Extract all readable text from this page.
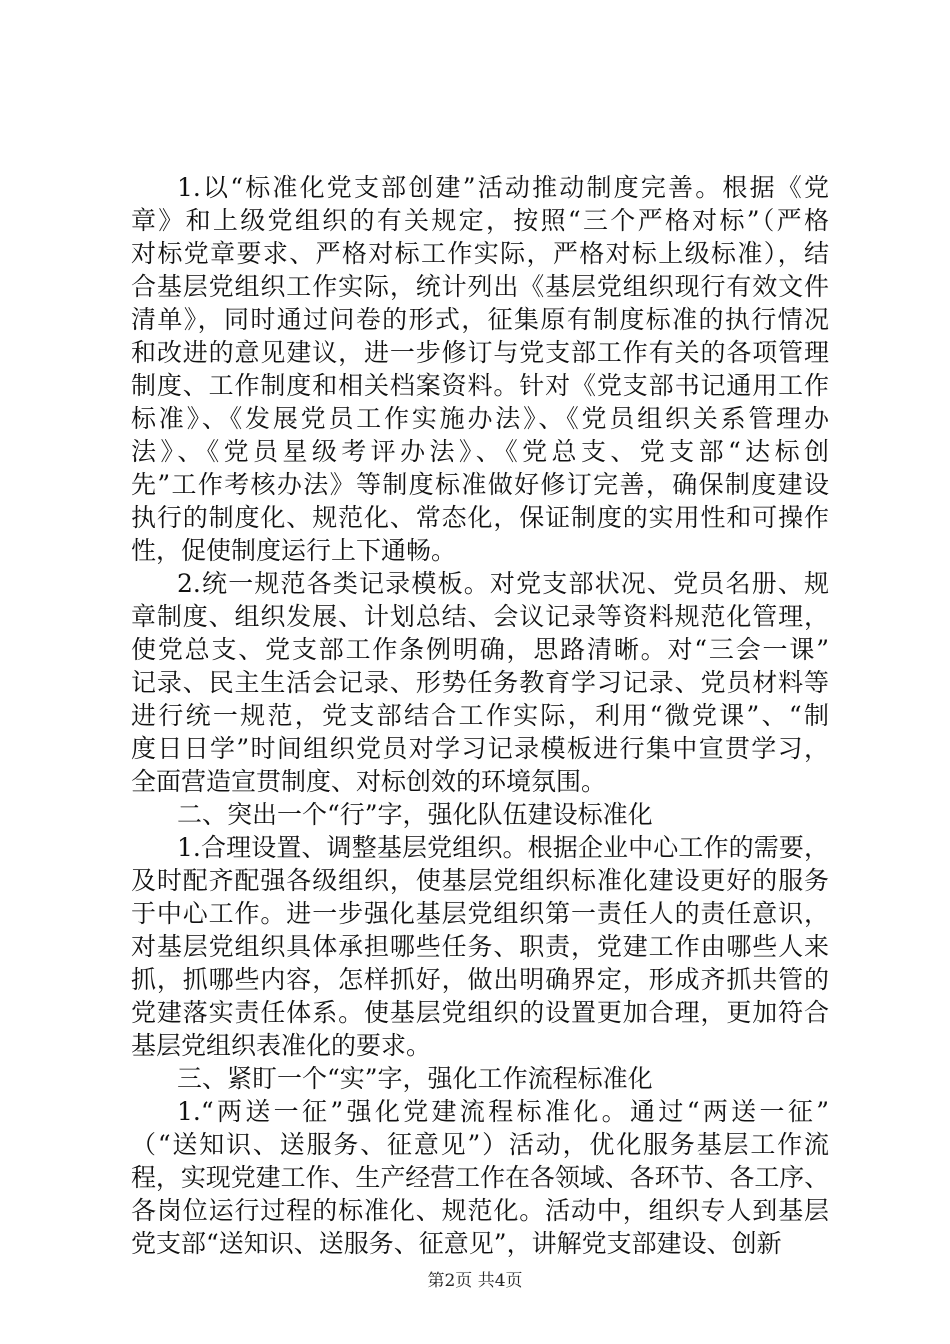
1.以“标准化党支部创建”活动推动制度完善。根据《党
章》和上级党组织的有关规定，按照“三个严格对标”（严格
对标党章要求、严格对标工作实际，严格对标上级标准），结
合基层党组织工作实际，统计列出《基层党组织现行有效文件
清单》，同时通过问卷的形式，征集原有制度标准的执行情况
和改进的意见建议，进一步修订与党支部工作有关的各项管理
制度、工作制度和相关档案资料。针对《党支部书记通用工作
标准》、《发展党员工作实施办法》、《党员组织关系管理办
法》、《党员星级考评办法》、《党总支、党支部“达标创
先”工作考核办法》等制度标准做好修订完善，确保制度建设
执行的制度化、规范化、常态化，保证制度的实用性和可操作
性，促使制度运行上下通畅。
2.统一规范各类记录模板。对党支部状况、党员名册、规
章制度、组织发展、计划总结、会议记录等资料规范化管理，
使党总支、党支部工作条例明确，思路清晰。对“三会一课”
记录、民主生活会记录、形势任务教育学习记录、党员材料等
进行统一规范，党支部结合工作实际，利用“微党课”、“制
度日日学”时间组织党员对学习记录模板进行集中宣贯学习，
全面营造宣贯制度、对标创效的环境氛围。
二、突出一个“行”字，强化队伍建设标准化
1.合理设置、调整基层党组织。根据企业中心工作的需要，
及时配齐配强各级组织，使基层党组织标准化建设更好的服务
于中心工作。进一步强化基层党组织第一责任人的责任意识，
对基层党组织具体承担哪些任务、职责，党建工作由哪些人来
抓，抓哪些内容，怎样抓好，做出明确界定，形成齐抓共管的
党建落实责任体系。使基层党组织的设置更加合理，更加符合
基层党组织表准化的要求。
三、紧盯一个“实”字，强化工作流程标准化
1.“两送一征”强化党建流程标准化。通过“两送一征”
（“送知识、送服务、征意见”）活动，优化服务基层工作流
程，实现党建工作、生产经营工作在各领域、各环节、各工序、
各岗位运行过程的标准化、规范化。活动中，组织专人到基层
党支部“送知识、送服务、征意见”，讲解党支部建设、创新
第2页 共4页
